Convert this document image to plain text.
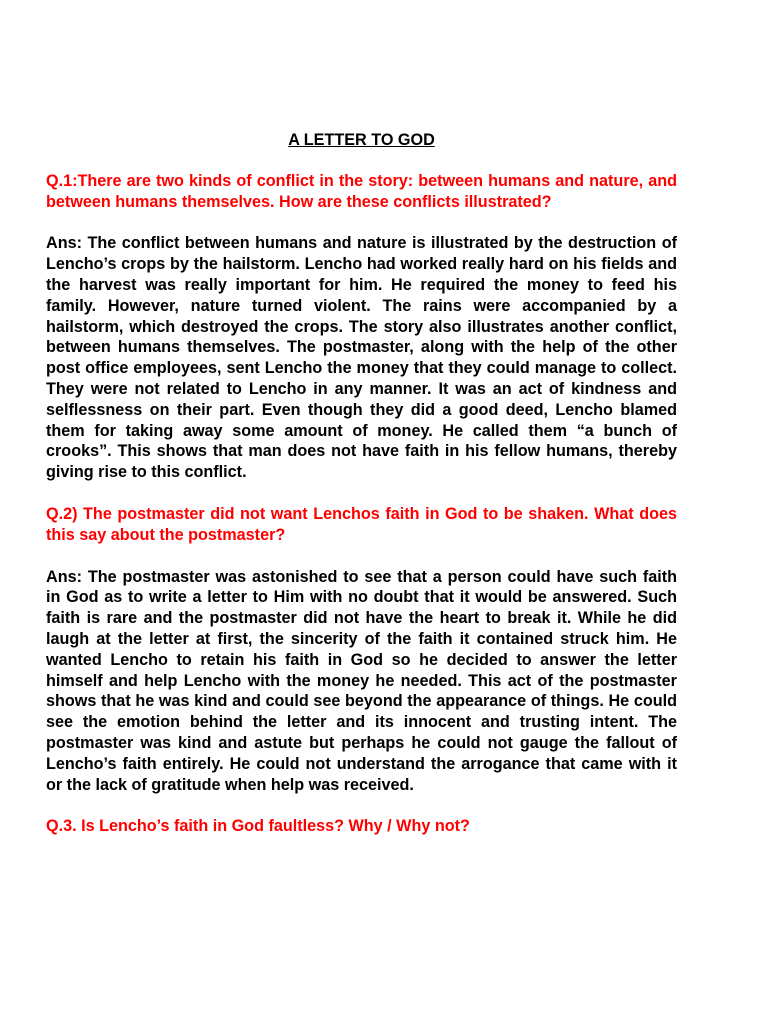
A LETTER TO GOD

Q.1:There are two kinds of conflict in the story: between humans and nature, and between humans themselves. How are these conflicts illustrated?

Ans: The conflict between humans and nature is illustrated by the destruction of Lencho’s crops by the hailstorm. Lencho had worked really hard on his fields and the harvest was really important for him. He required the money to feed his family. However, nature turned violent. The rains were accompanied by a hailstorm, which destroyed the crops. The story also illustrates another conflict, between humans themselves. The postmaster, along with the help of the other post office employees, sent Lencho the money that they could manage to collect. They were not related to Lencho in any manner. It was an act of kindness and selflessness on their part. Even though they did a good deed, Lencho blamed them for taking away some amount of money. He called them “a bunch of crooks”. This shows that man does not have faith in his fellow humans, thereby giving rise to this conflict.

Q.2) The postmaster did not want Lenchos faith in God to be shaken. What does this say about the postmaster?

Ans: The postmaster was astonished to see that a person could have such faith in God as to write a letter to Him with no doubt that it would be answered. Such faith is rare and the postmaster did not have the heart to break it. While he did laugh at the letter at first, the sincerity of the faith it contained struck him. He wanted Lencho to retain his faith in God so he decided to answer the letter himself and help Lencho with the money he needed. This act of the postmaster shows that he was kind and could see beyond the appearance of things. He could see the emotion behind the letter and its innocent and trusting intent. The postmaster was kind and astute but perhaps he could not gauge the fallout of Lencho’s faith entirely. He could not understand the arrogance that came with it or the lack of gratitude when help was received.

Q.3. Is Lencho’s faith in God faultless? Why / Why not?
